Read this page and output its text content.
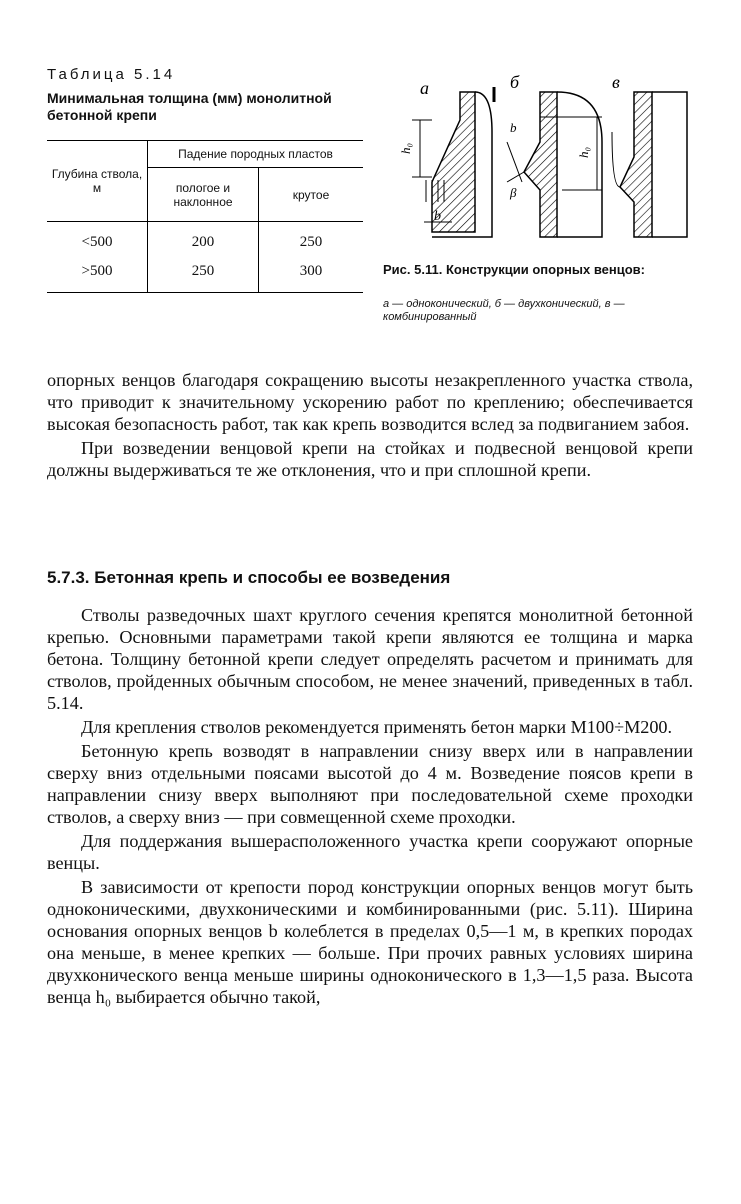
Таблица 5.14
Минимальная толщина (мм) монолитной бетонной крепи
Глубина ствола, м	Падение породных пластов	
	пологое и наклонное	крутое
<500	200	250
>500	250	300
а	б	в
h₀
b
b
β
h₀
Рис. 5.11. Конструкции опорных венцов:
а — одноконический, б — двухконический, в — комбинированный

опорных венцов благодаря сокращению высоты незакрепленного участка ствола, что приводит к значительному ускорению работ по креплению; обеспечивается высокая безопасность работ, так как крепь возводится вслед за подвиганием забоя.

При возведении венцовой крепи на стойках и подвесной венцовой крепи должны выдерживаться те же отклонения, что и при сплошной крепи.

5.7.3. Бетонная крепь и способы ее возведения

Стволы разведочных шахт круглого сечения крепятся монолитной бетонной крепью. Основными параметрами такой крепи являются ее толщина и марка бетона. Толщину бетонной крепи следует определять расчетом и принимать для стволов, пройденных обычным способом, не менее значений, приведенных в табл. 5.14.

Для крепления стволов рекомендуется применять бетон марки М100÷М200.

Бетонную крепь возводят в направлении снизу вверх или в направлении сверху вниз отдельными поясами высотой до 4 м. Возведение поясов крепи в направлении снизу вверх выполняют при последовательной схеме проходки стволов, а сверху вниз — при совмещенной схеме проходки.

Для поддержания вышерасположенного участка крепи сооружают опорные венцы.

В зависимости от крепости пород конструкции опорных венцов могут быть одноконическими, двухконическими и комбинированными (рис. 5.11). Ширина основания опорных венцов b колеблется в пределах 0,5—1 м, в крепких породах она меньше, в менее крепких — больше. При прочих равных условиях ширина двухконического венца меньше ширины одноконического в 1,3—1,5 раза. Высота венца h₀ выбирается обычно такой,
